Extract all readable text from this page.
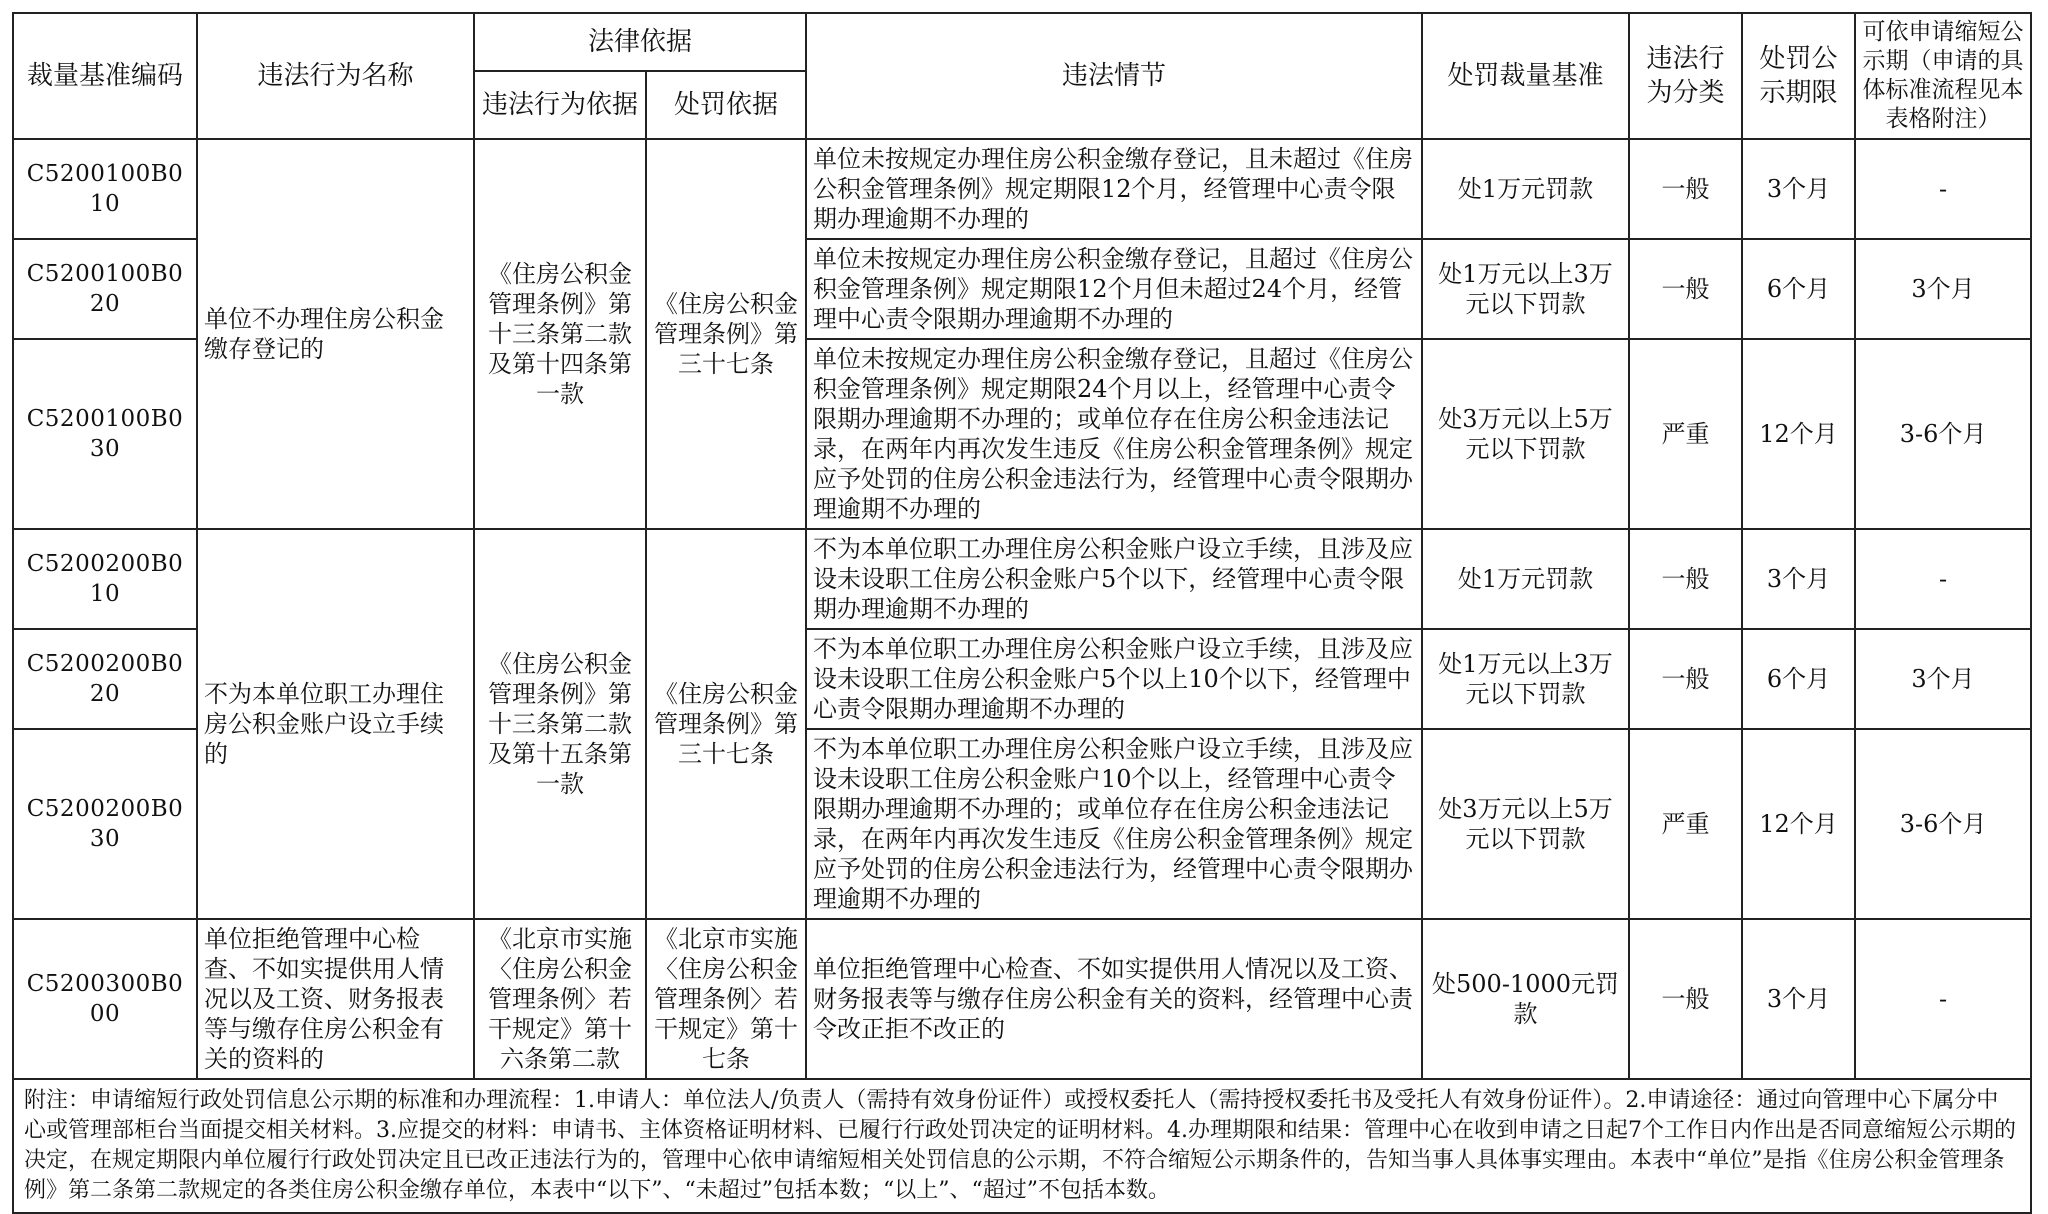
裁量基准编码	违法行为名称	法律依据		违法情节	处罚裁量基准	违法行为分类	处罚公示期限	可依申请缩短公示期（申请的具体标准流程见本表格附注）
		违法行为依据	处罚依据					
C5200100B010	单位不办理住房公积金缴存登记的	《住房公积金管理条例》第十三条第二款及第十四条第一款	《住房公积金管理条例》第三十七条	单位未按规定办理住房公积金缴存登记，且未超过《住房公积金管理条例》规定期限12个月，经管理中心责令限期办理逾期不办理的	处1万元罚款	一般	3个月	-
C5200100B020				单位未按规定办理住房公积金缴存登记，且超过《住房公积金管理条例》规定期限12个月但未超过24个月，经管理中心责令限期办理逾期不办理的	处1万元以上3万元以下罚款	一般	6个月	3个月
C5200100B030				单位未按规定办理住房公积金缴存登记，且超过《住房公积金管理条例》规定期限24个月以上，经管理中心责令限期办理逾期不办理的；或单位存在住房公积金违法记录，在两年内再次发生违反《住房公积金管理条例》规定应予处罚的住房公积金违法行为，经管理中心责令限期办理逾期不办理的	处3万元以上5万元以下罚款	严重	12个月	3-6个月
C5200200B010	不为本单位职工办理住房公积金账户设立手续的	《住房公积金管理条例》第十三条第二款及第十五条第一款	《住房公积金管理条例》第三十七条	不为本单位职工办理住房公积金账户设立手续，且涉及应设未设职工住房公积金账户5个以下，经管理中心责令限期办理逾期不办理的	处1万元罚款	一般	3个月	-
C5200200B020				不为本单位职工办理住房公积金账户设立手续，且涉及应设未设职工住房公积金账户5个以上10个以下，经管理中心责令限期办理逾期不办理的	处1万元以上3万元以下罚款	一般	6个月	3个月
C5200200B030				不为本单位职工办理住房公积金账户设立手续，且涉及应设未设职工住房公积金账户10个以上，经管理中心责令限期办理逾期不办理的；或单位存在住房公积金违法记录，在两年内再次发生违反《住房公积金管理条例》规定应予处罚的住房公积金违法行为，经管理中心责令限期办理逾期不办理的	处3万元以上5万元以下罚款	严重	12个月	3-6个月
C5200300B000	单位拒绝管理中心检查、不如实提供用人情况以及工资、财务报表等与缴存住房公积金有关的资料的	《北京市实施〈住房公积金管理条例〉若干规定》第十六条第二款	《北京市实施〈住房公积金管理条例〉若干规定》第十七条	单位拒绝管理中心检查、不如实提供用人情况以及工资、财务报表等与缴存住房公积金有关的资料，经管理中心责令改正拒不改正的	处500-1000元罚款	一般	3个月	-
附注：申请缩短行政处罚信息公示期的标准和办理流程：1.申请人：单位法人/负责人（需持有效身份证件）或授权委托人（需持授权委托书及受托人有效身份证件）。2.申请途径：通过向管理中心下属分中心或管理部柜台当面提交相关材料。3.应提交的材料：申请书、主体资格证明材料、已履行行政处罚决定的证明材料。4.办理期限和结果：管理中心在收到申请之日起7个工作日内作出是否同意缩短公示期的决定，在规定期限内单位履行行政处罚决定且已改正违法行为的，管理中心依申请缩短相关处罚信息的公示期，不符合缩短公示期条件的，告知当事人具体事实理由。本表中“单位”是指《住房公积金管理条例》第二条第二款规定的各类住房公积金缴存单位，本表中“以下”、“未超过”包括本数；“以上”、“超过”不包括本数。								
